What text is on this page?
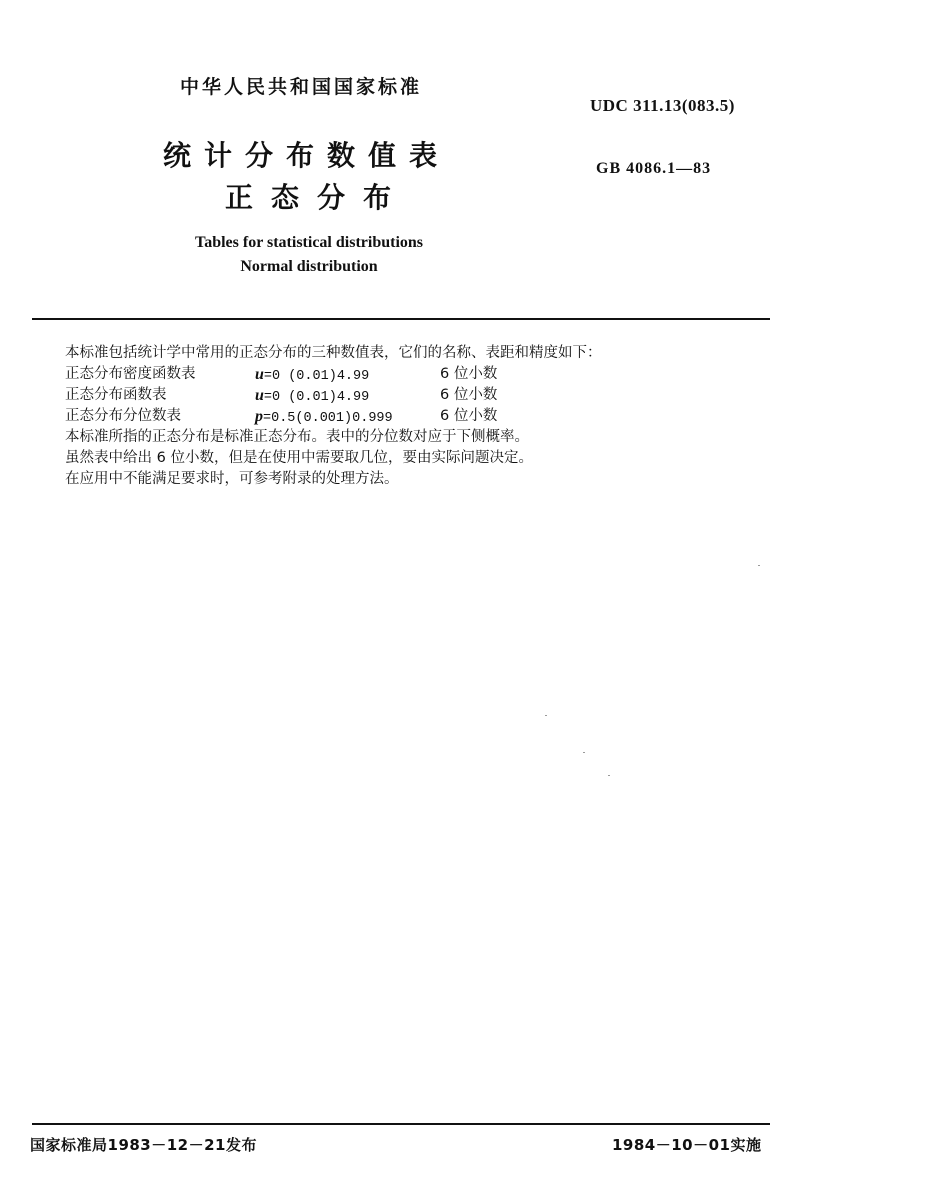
中华人民共和国国家标准
UDC 311.13(083.5)
统计分布数值表	GB 4086.1—83
正态分布
Tables for statistical distributions
Normal distribution
本标准包括统计学中常用的正态分布的三种数值表，它们的名称、表距和精度如下：
正态分布密度函数表	u=0 (0.01)4.99	6 位小数
正态分布函数表	u=0 (0.01)4.99	6 位小数
正态分布分位数表	p=0.5(0.001)0.999	6 位小数
本标准所指的正态分布是标准正态分布。表中的分位数对应于下侧概率。
虽然表中给出 6 位小数，但是在使用中需要取几位，要由实际问题决定。
在应用中不能满足要求时，可参考附录的处理方法。
国家标准局1983－12－21发布	1984－10－01实施
